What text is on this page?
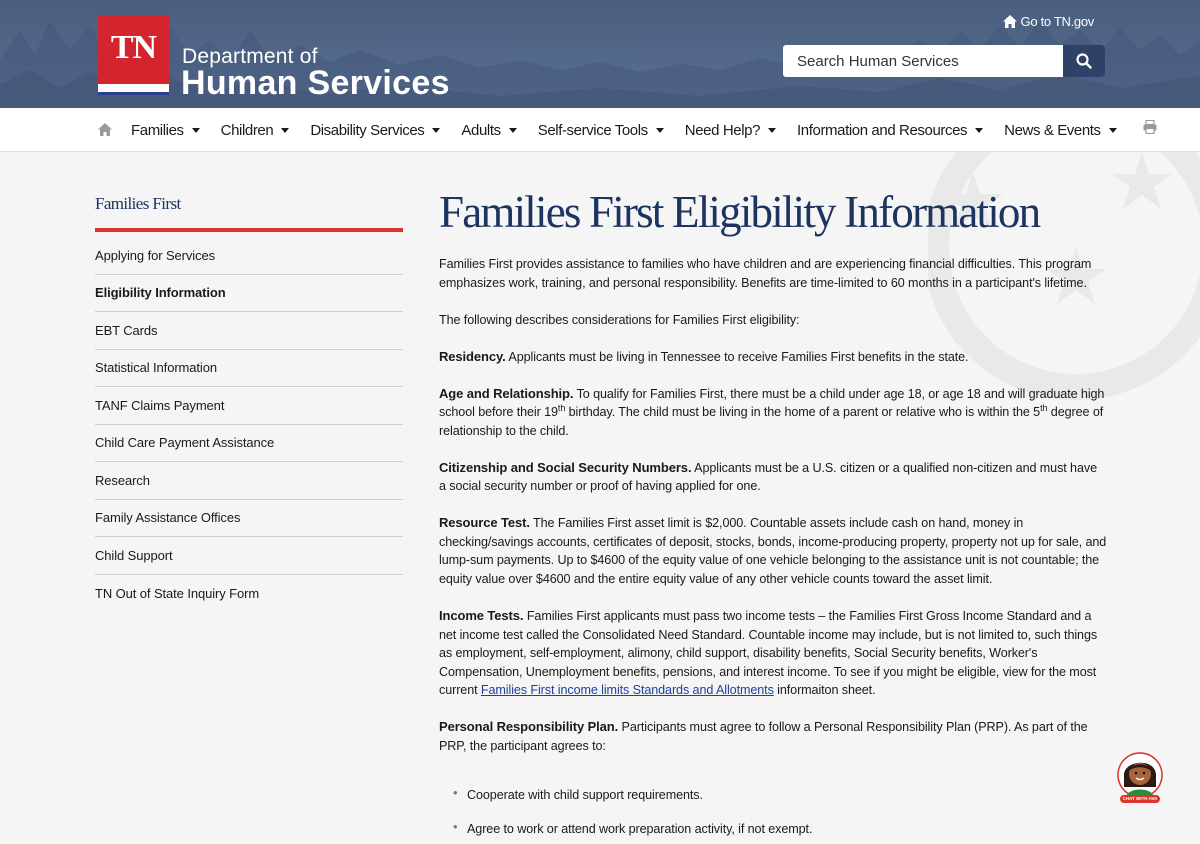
TN	Department of
Human Services
Go to TN.gov
Search Human Services
Families Children Disability Services Adults Self-service Tools Need Help? Information and Resources News & Events
Families First
Applying for Services
Eligibility Information
EBT Cards
Statistical Information
TANF Claims Payment
Child Care Payment Assistance
Research
Family Assistance Offices
Child Support
TN Out of State Inquiry Form
Families First Eligibility Information

Families First provides assistance to families who have children and are experiencing financial difficulties. This program emphasizes work, training, and personal responsibility. Benefits are time-limited to 60 months in a participant's lifetime.

The following describes considerations for Families First eligibility:

Residency. Applicants must be living in Tennessee to receive Families First benefits in the state.

Age and Relationship. To qualify for Families First, there must be a child under age 18, or age 18 and will graduate high school before their 19th birthday. The child must be living in the home of a parent or relative who is within the 5th degree of relationship to the child.

Citizenship and Social Security Numbers. Applicants must be a U.S. citizen or a qualified non-citizen and must have a social security number or proof of having applied for one.

Resource Test. The Families First asset limit is $2,000. Countable assets include cash on hand, money in checking/savings accounts, certificates of deposit, stocks, bonds, income-producing property, property not up for sale, and lump-sum payments. Up to $4600 of the equity value of one vehicle belonging to the assistance unit is not countable; the equity value over $4600 and the entire equity value of any other vehicle counts toward the asset limit.

Income Tests. Families First applicants must pass two income tests – the Families First Gross Income Standard and a net income test called the Consolidated Need Standard. Countable income may include, but is not limited to, such things as employment, self-employment, alimony, child support, disability benefits, Social Security benefits, Worker's Compensation, Unemployment benefits, pensions, and interest income. To see if you might be eligible, view for the most current Families First income limits Standards and Allotments informaiton sheet.

Personal Responsibility Plan. Participants must agree to follow a Personal Responsibility Plan (PRP). As part of the PRP, the participant agrees to:

• Cooperate with child support requirements.
• Agree to work or attend work preparation activity, if not exempt.
CHAT WITH AVA
